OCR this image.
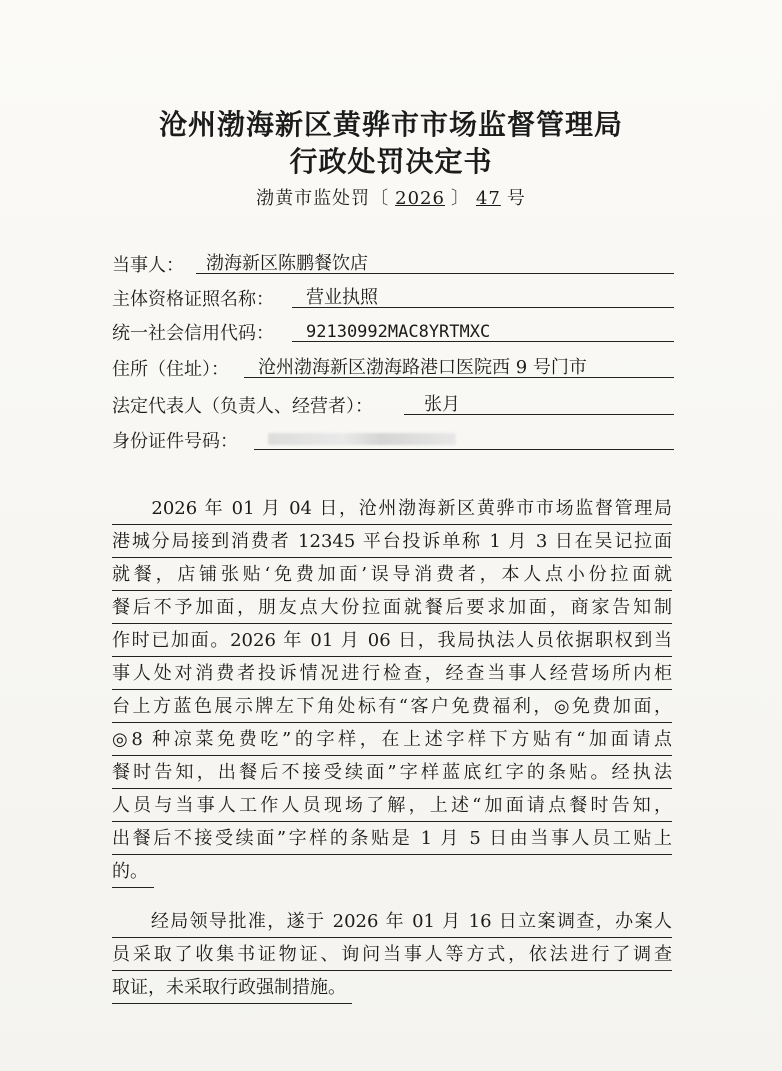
沧州渤海新区黄骅市市场监督管理局
行政处罚决定书
渤黄市监处罚〔 2026 〕 47 号
当事人： 渤海新区陈鹏餐饮店
主体资格证照名称： 营业执照
统一社会信用代码： 92130992MAC8YRTMXC
住所（住址）： 沧州渤海新区渤海路港口医院西 9 号门市
法定代表人（负责人、经营者）：	张月
身份证件号码：
　　2026 年 01 月 04 日，沧州渤海新区黄骅市市场监督管理局
港城分局接到消费者 12345 平台投诉单称 1 月 3 日在吴记拉面
就餐，店铺张贴‘免费加面’误导消费者，本人点小份拉面就
餐后不予加面，朋友点大份拉面就餐后要求加面，商家告知制
作时已加面。2026 年 01 月 06 日，我局执法人员依据职权到当
事人处对消费者投诉情况进行检查，经查当事人经营场所内柜
台上方蓝色展示牌左下角处标有“客户免费福利，◎免费加面，
◎8 种凉菜免费吃”的字样，在上述字样下方贴有“加面请点
餐时告知，出餐后不接受续面”字样蓝底红字的条贴。经执法
人员与当事人工作人员现场了解，上述“加面请点餐时告知，
出餐后不接受续面”字样的条贴是 1 月 5 日由当事人员工贴上
的。
　　经局领导批准，遂于 2026 年 01 月 16 日立案调查，办案人
员采取了收集书证物证、询问当事人等方式，依法进行了调查
取证，未采取行政强制措施。
